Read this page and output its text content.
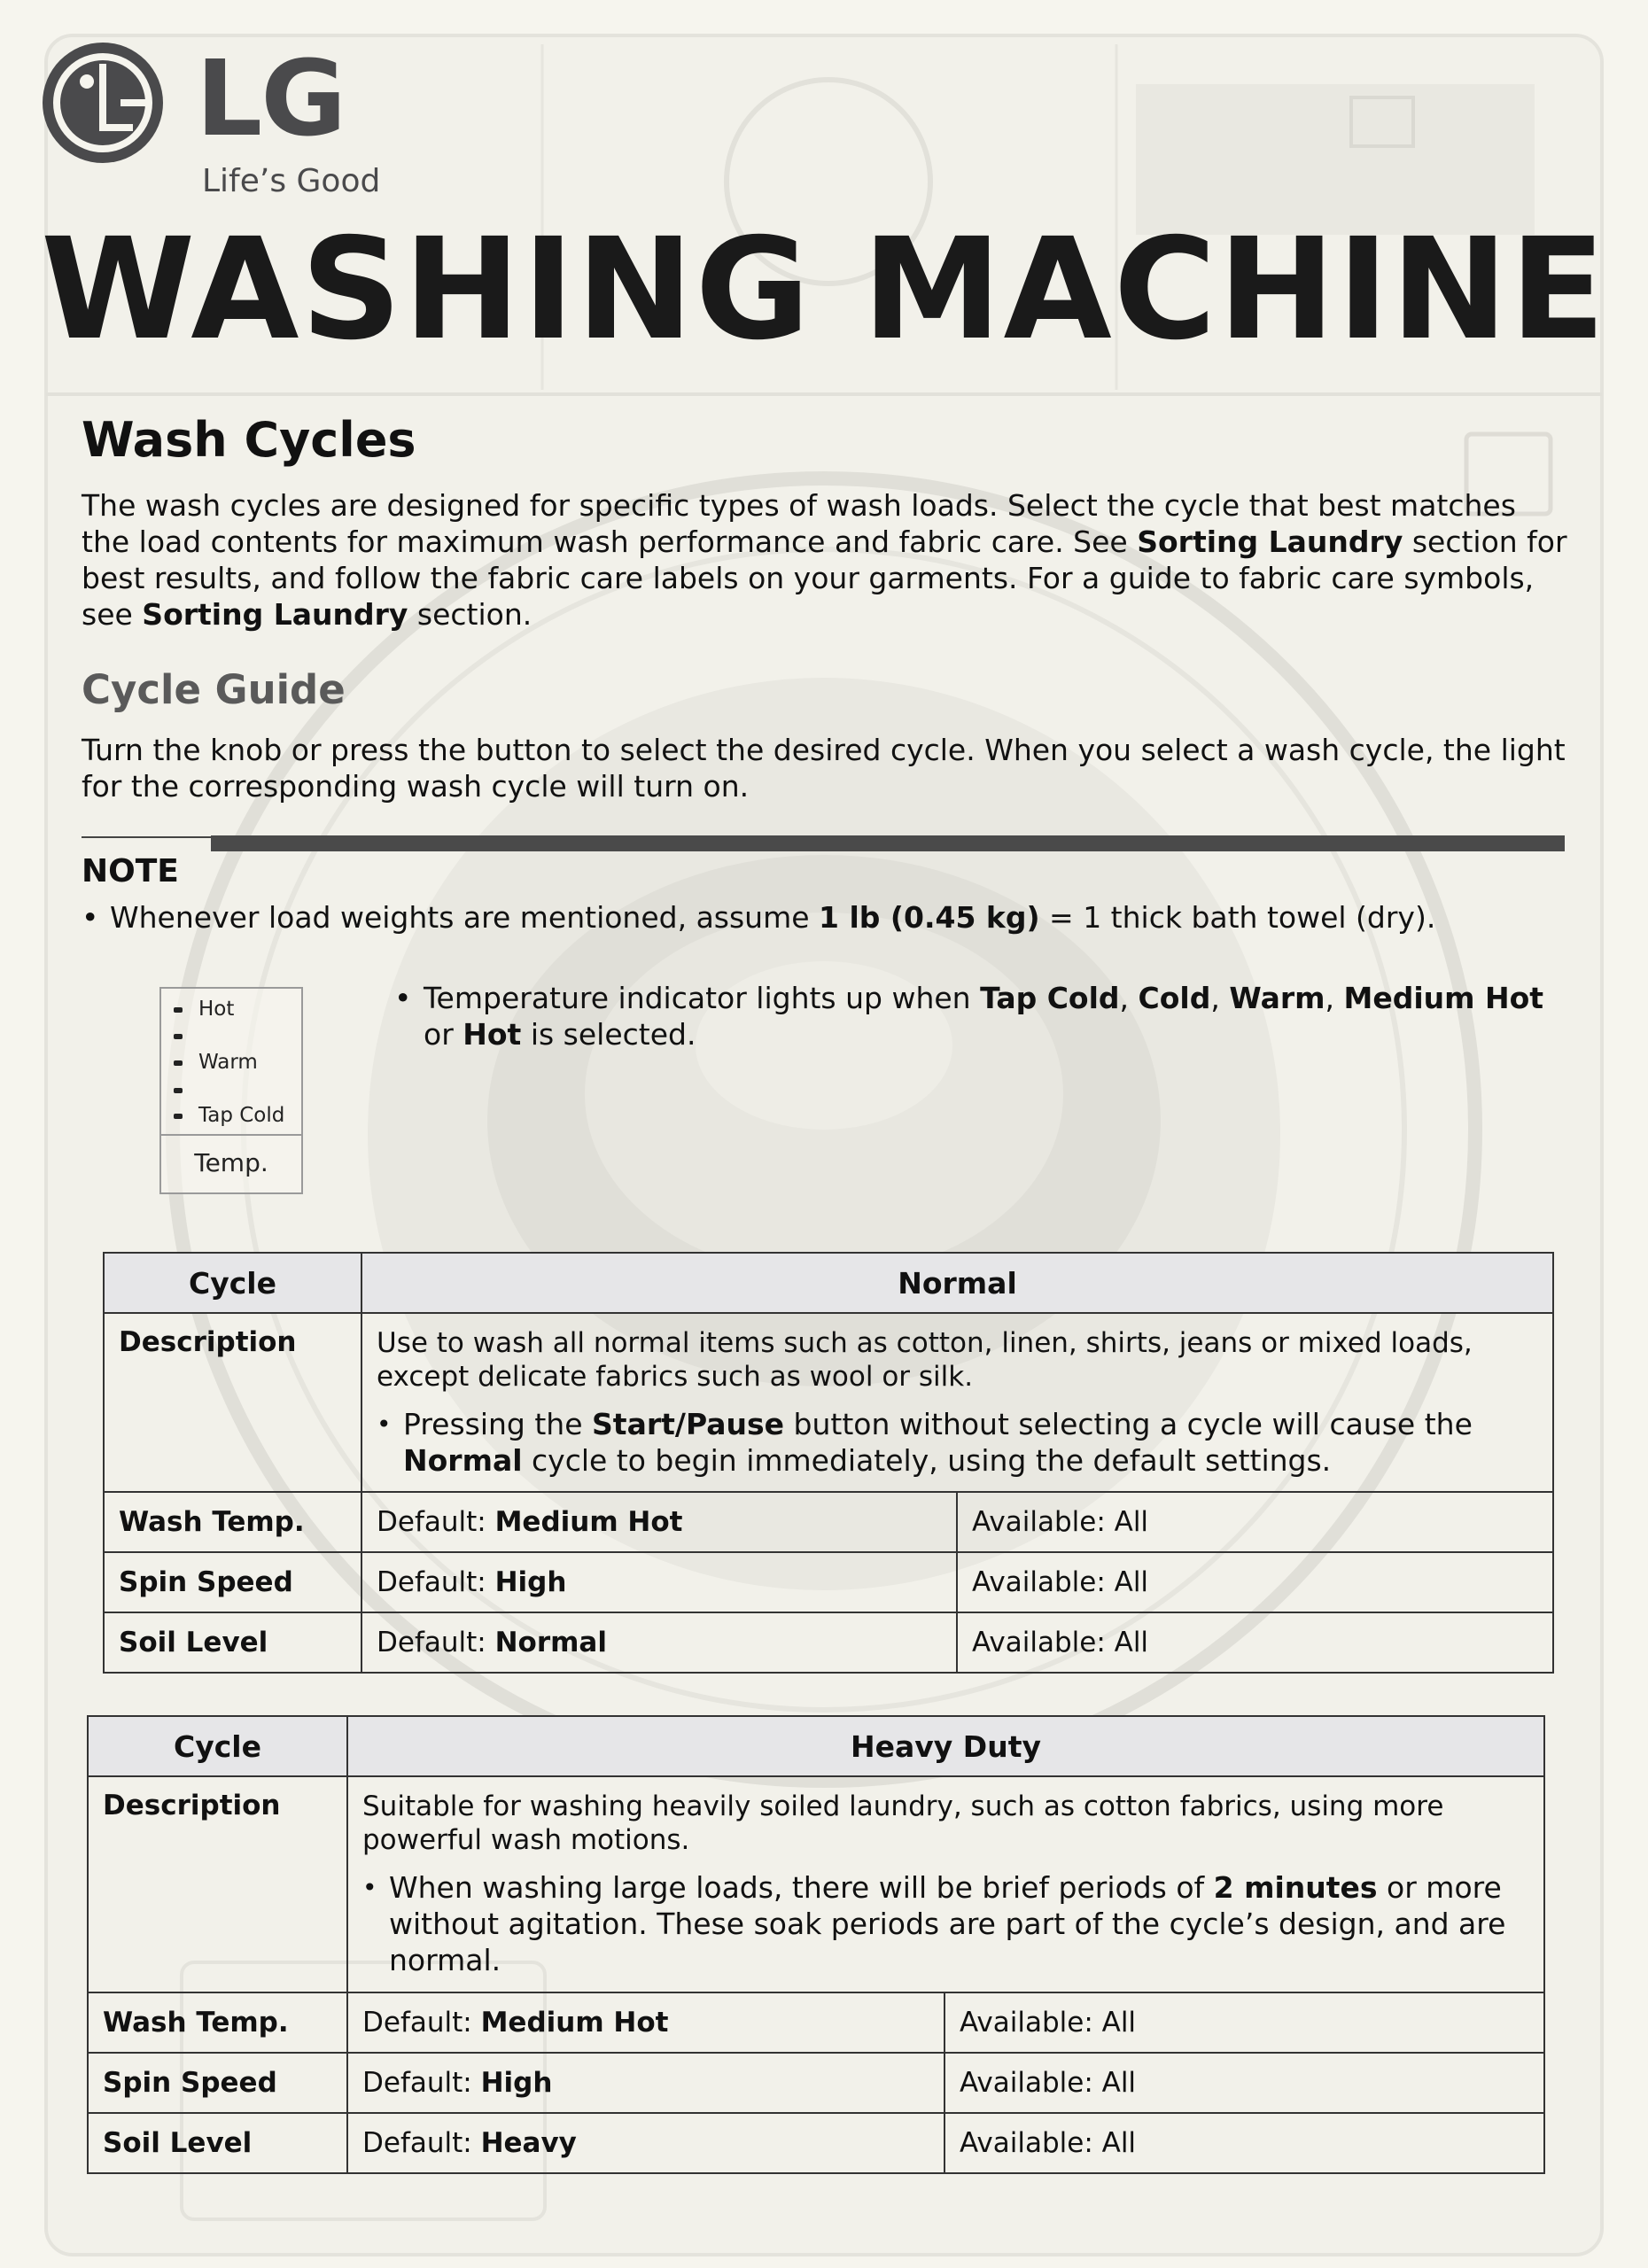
LG
Life’s Good
WASHING MACHINE
Wash Cycles
The wash cycles are designed for specific types of wash loads. Select the cycle that best matches the load contents for maximum wash performance and fabric care. See Sorting Laundry section for best results, and follow the fabric care labels on your garments. For a guide to fabric care symbols, see Sorting Laundry section.
Cycle Guide
Turn the knob or press the button to select the desired cycle. When you select a wash cycle, the light for the corresponding wash cycle will turn on.
NOTE
• Whenever load weights are mentioned, assume 1 lb (0.45 kg) = 1 thick bath towel (dry).
Hot
Warm
Tap Cold
Temp.
• Temperature indicator lights up when Tap Cold, Cold, Warm, Medium Hot or Hot is selected.
Cycle	Normal	
Description	Use to wash all normal items such as cotton, linen, shirts, jeans or mixed loads, except delicate fabrics such as wool or silk.
• Pressing the Start/Pause button without selecting a cycle will cause the Normal cycle to begin immediately, using the default settings.	

Wash Temp.	Default: Medium Hot	Available: All
Spin Speed	Default: High	Available: All
Soil Level	Default: Normal	Available: All
Cycle	Heavy Duty	
Description	Suitable for washing heavily soiled laundry, such as cotton fabrics, using more powerful wash motions.
• When washing large loads, there will be brief periods of 2 minutes or more without agitation. These soak periods are part of the cycle’s design, and are normal.	

Wash Temp.	Default: Medium Hot	Available: All
Spin Speed	Default: High	Available: All
Soil Level	Default: Heavy	Available: All
